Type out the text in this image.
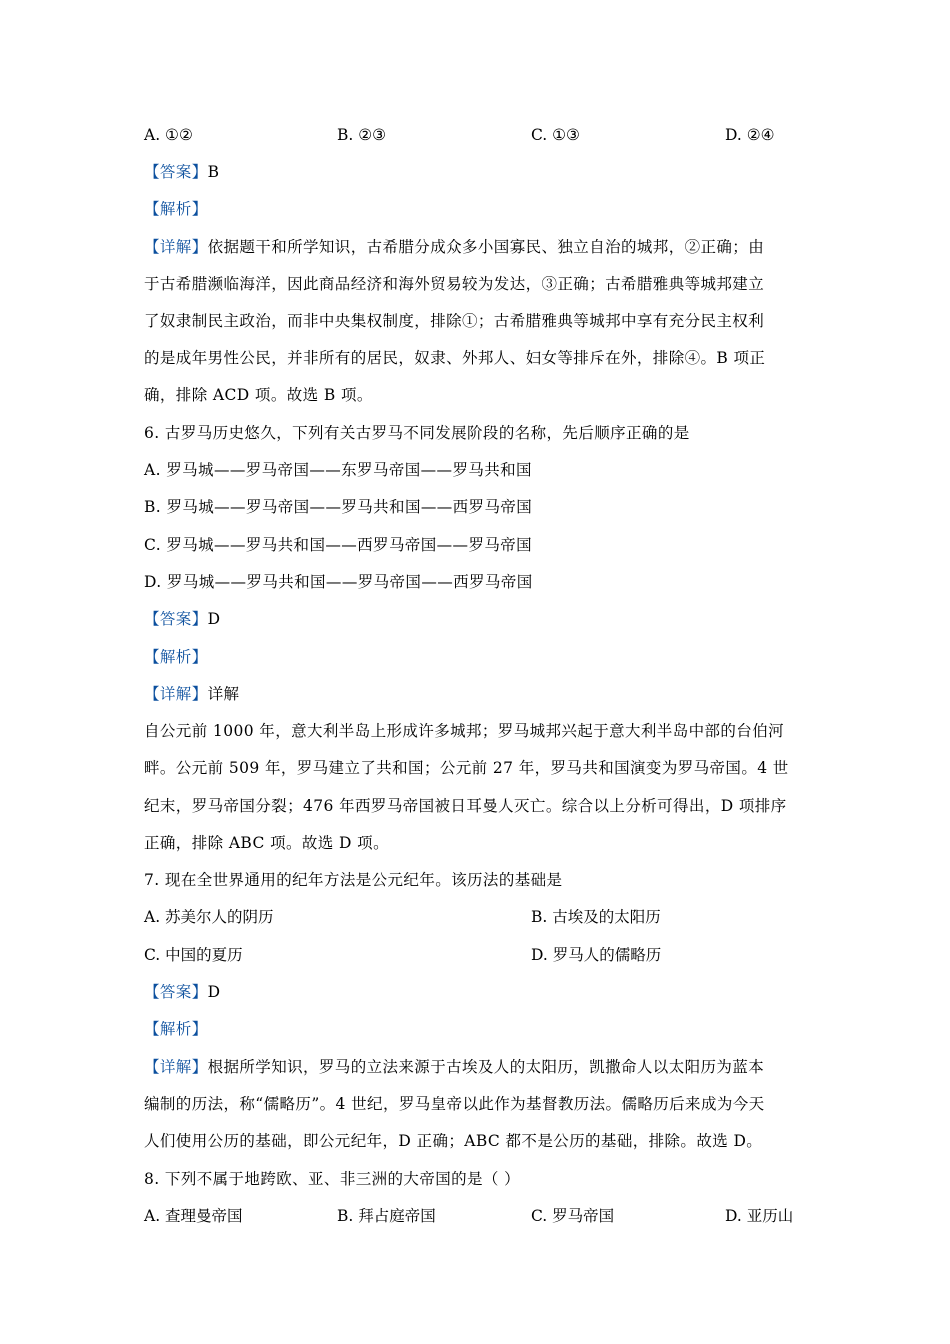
A. ①②	B. ②③	C. ①③	D. ②④
【答案】B
【解析】
【详解】依据题干和所学知识，古希腊分成众多小国寡民、独立自治的城邦，②正确；由
于古希腊濒临海洋，因此商品经济和海外贸易较为发达，③正确；古希腊雅典等城邦建立
了奴隶制民主政治，而非中央集权制度，排除①；古希腊雅典等城邦中享有充分民主权利
的是成年男性公民，并非所有的居民，奴隶、外邦人、妇女等排斥在外，排除④。B 项正
确，排除 ACD 项。故选 B 项。
6. 古罗马历史悠久，下列有关古罗马不同发展阶段的名称，先后顺序正确的是
A. 罗马城——罗马帝国——东罗马帝国——罗马共和国
B. 罗马城——罗马帝国——罗马共和国——西罗马帝国
C. 罗马城——罗马共和国——西罗马帝国——罗马帝国
D. 罗马城——罗马共和国——罗马帝国——西罗马帝国
【答案】D
【解析】
【详解】详解
自公元前 1000 年，意大利半岛上形成许多城邦；罗马城邦兴起于意大利半岛中部的台伯河
畔。公元前 509 年，罗马建立了共和国；公元前 27 年，罗马共和国演变为罗马帝国。4 世
纪末，罗马帝国分裂；476 年西罗马帝国被日耳曼人灭亡。综合以上分析可得出，D 项排序
正确，排除 ABC 项。故选 D 项。
7. 现在全世界通用的纪年方法是公元纪年。该历法的基础是
A. 苏美尔人的阴历	B. 古埃及的太阳历
C. 中国的夏历	D. 罗马人的儒略历
【答案】D
【解析】
【详解】根据所学知识，罗马的立法来源于古埃及人的太阳历，凯撒命人以太阳历为蓝本
编制的历法，称“儒略历”。4 世纪，罗马皇帝以此作为基督教历法。儒略历后来成为今天
人们使用公历的基础，即公元纪年，D 正确；ABC 都不是公历的基础，排除。故选 D。
8. 下列不属于地跨欧、亚、非三洲的大帝国的是（ ）
A. 查理曼帝国	B. 拜占庭帝国	C. 罗马帝国	D. 亚历山
